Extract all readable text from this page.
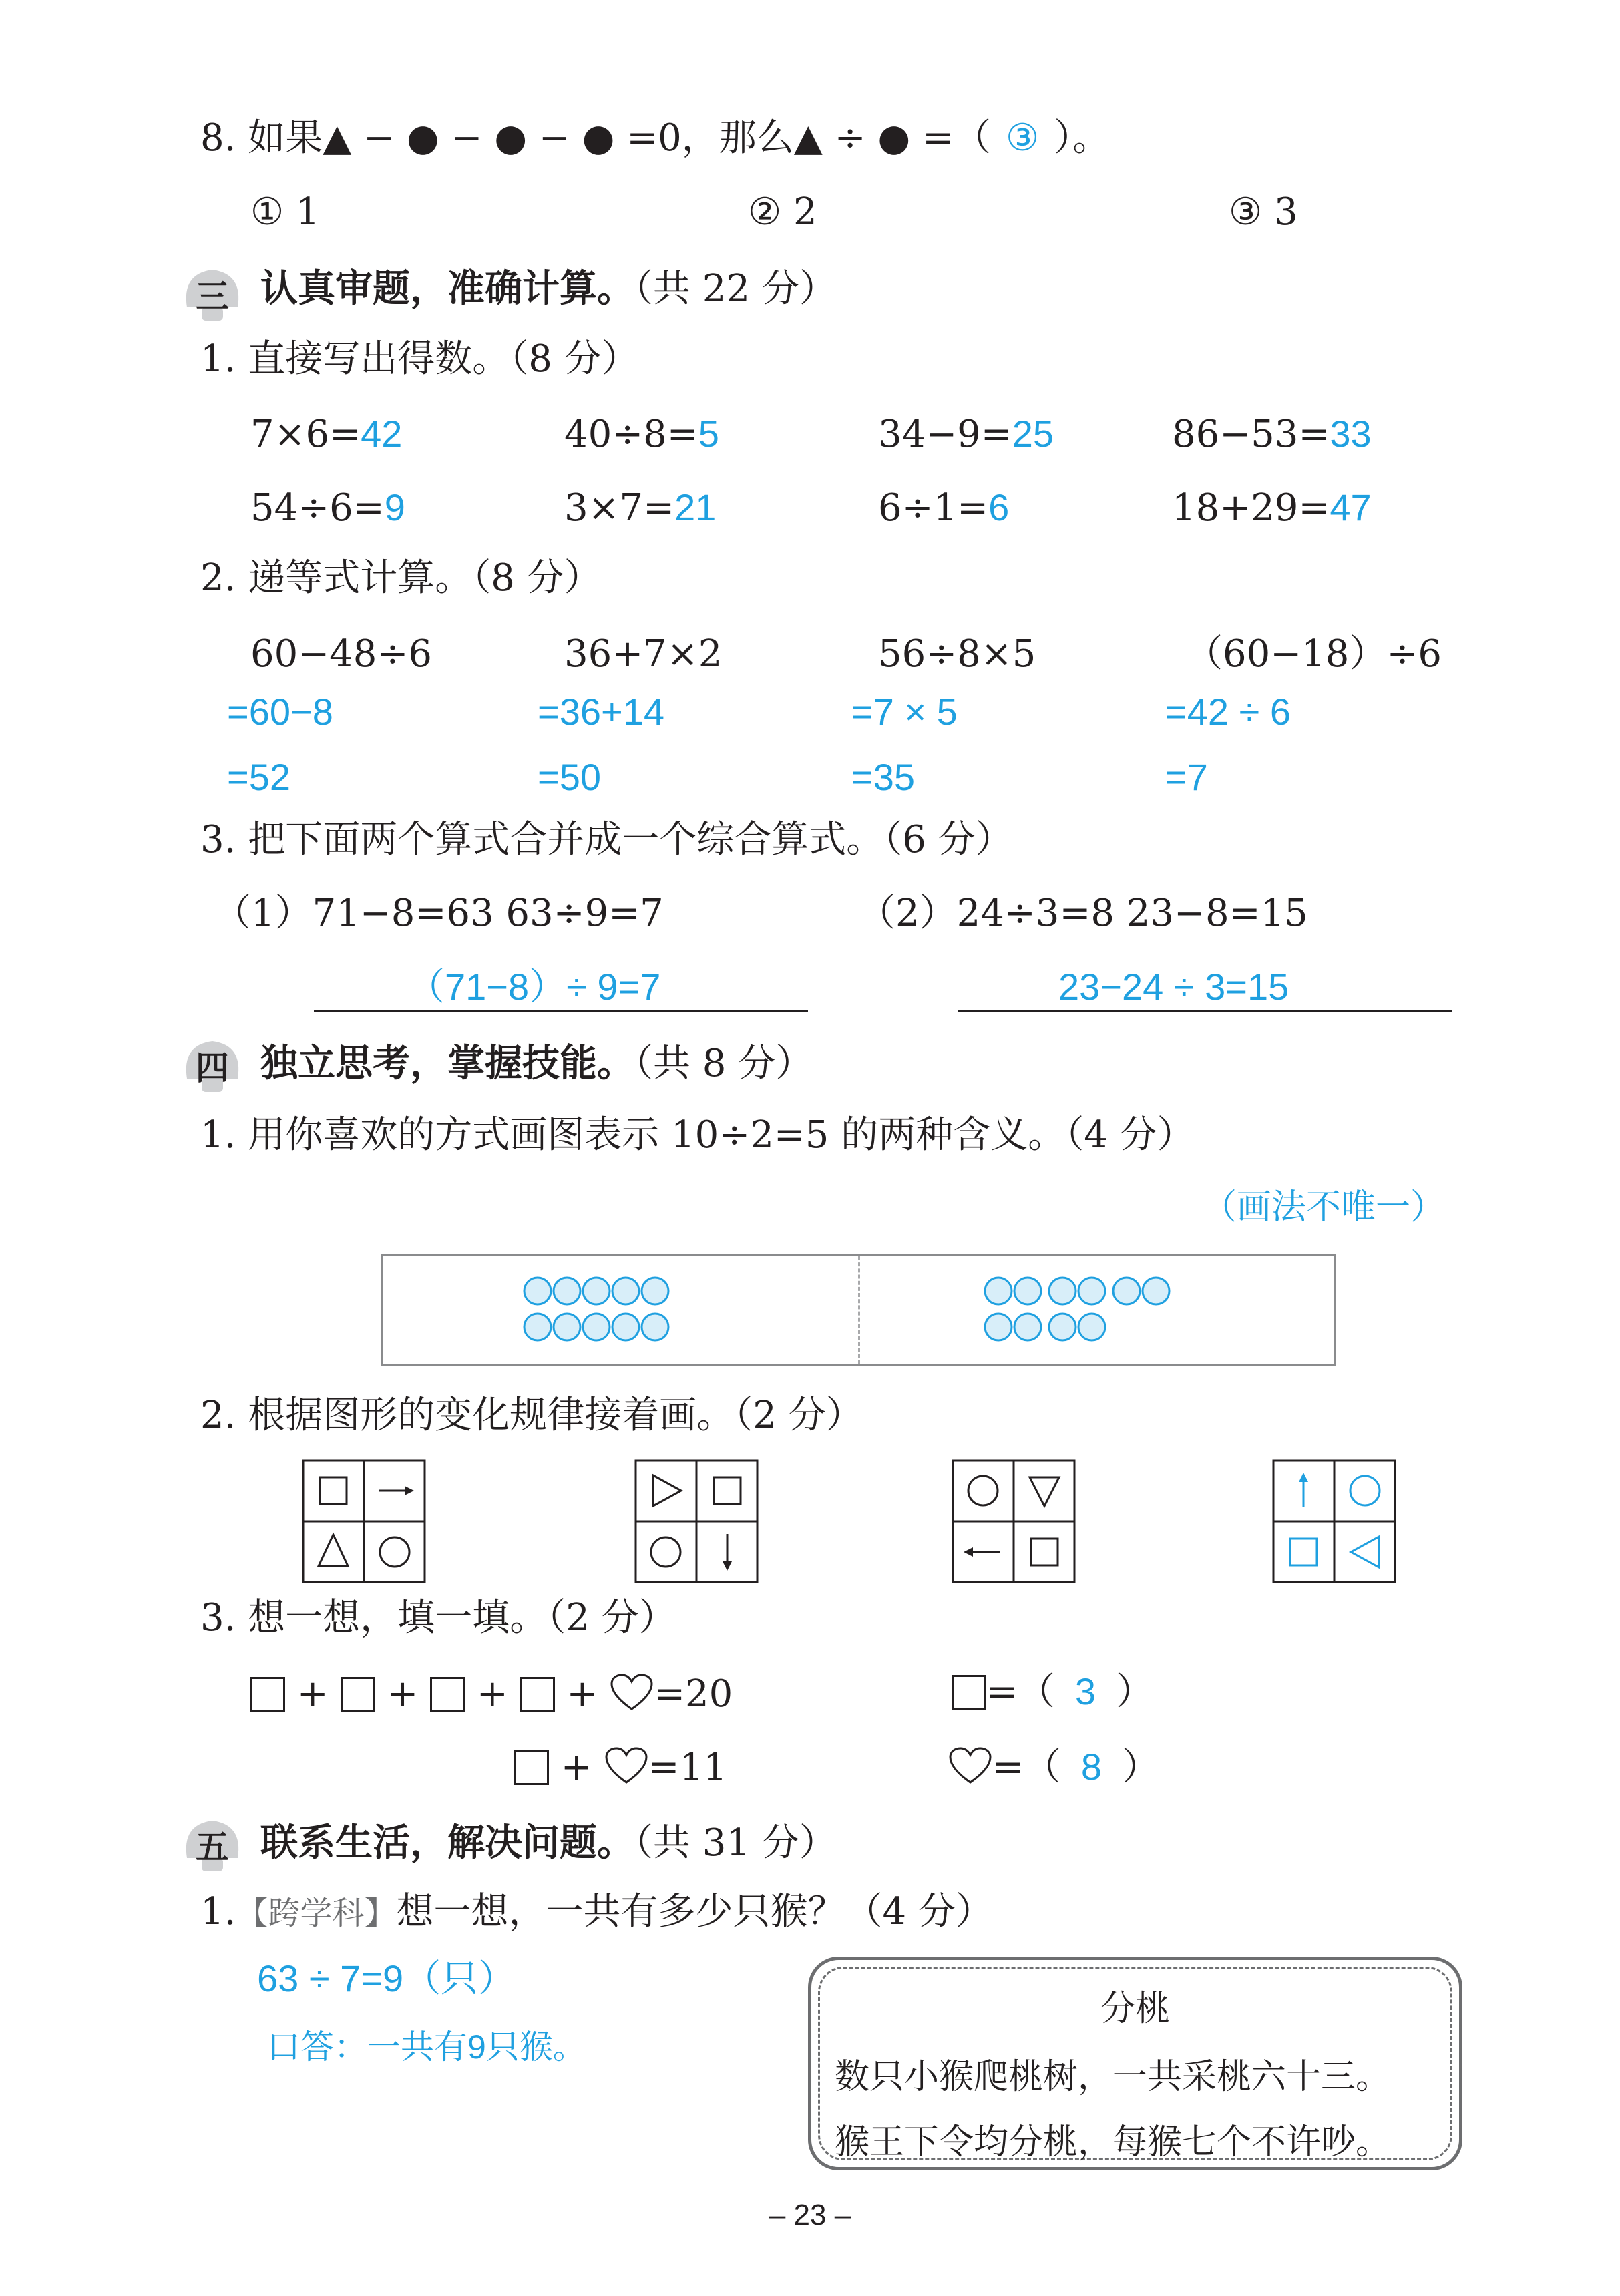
8. 如果▲ − ● − ● − ● =0，那么▲ ÷ ● =（ ③ ）。
① 1	② 2	③ 3
三 认真审题，准确计算。（共 22 分）
1. 直接写出得数。（8 分）
7×6=42	40÷8=5	34−9=25	86−53=33
54÷6=9	3×7=21	6÷1=6	18+29=47
2. 递等式计算。（8 分）
60−48÷6	36+7×2	56÷8×5	（60−18）÷6
=60−8	=36+14	=7 × 5	=42 ÷ 6
=52	=50	=35	=7
3. 把下面两个算式合并成一个综合算式。（6 分）
（1）71−8=63 63÷9=7	（2）24÷3=8 23−8=15
（71−8）÷ 9=7	23−24 ÷ 3=15
四 独立思考，掌握技能。（共 8 分）
1. 用你喜欢的方式画图表示 10÷2=5 的两种含义。（4 分）
（画法不唯一）
2. 根据图形的变化规律接着画。（2 分）
3. 想一想，填一填。（2 分）
+  +  +  + =20
+ =11
=（ 3 ）
=（ 8 ）
五 联系生活，解决问题。（共 31 分）
1.【跨学科】想一想，一共有多少只猴？（4 分）
63 ÷ 7=9（只）
口答：一共有9只猴。
分桃
数只小猴爬桃树，一共采桃六十三。
猴王下令均分桃，每猴七个不许吵。
– 23 –
